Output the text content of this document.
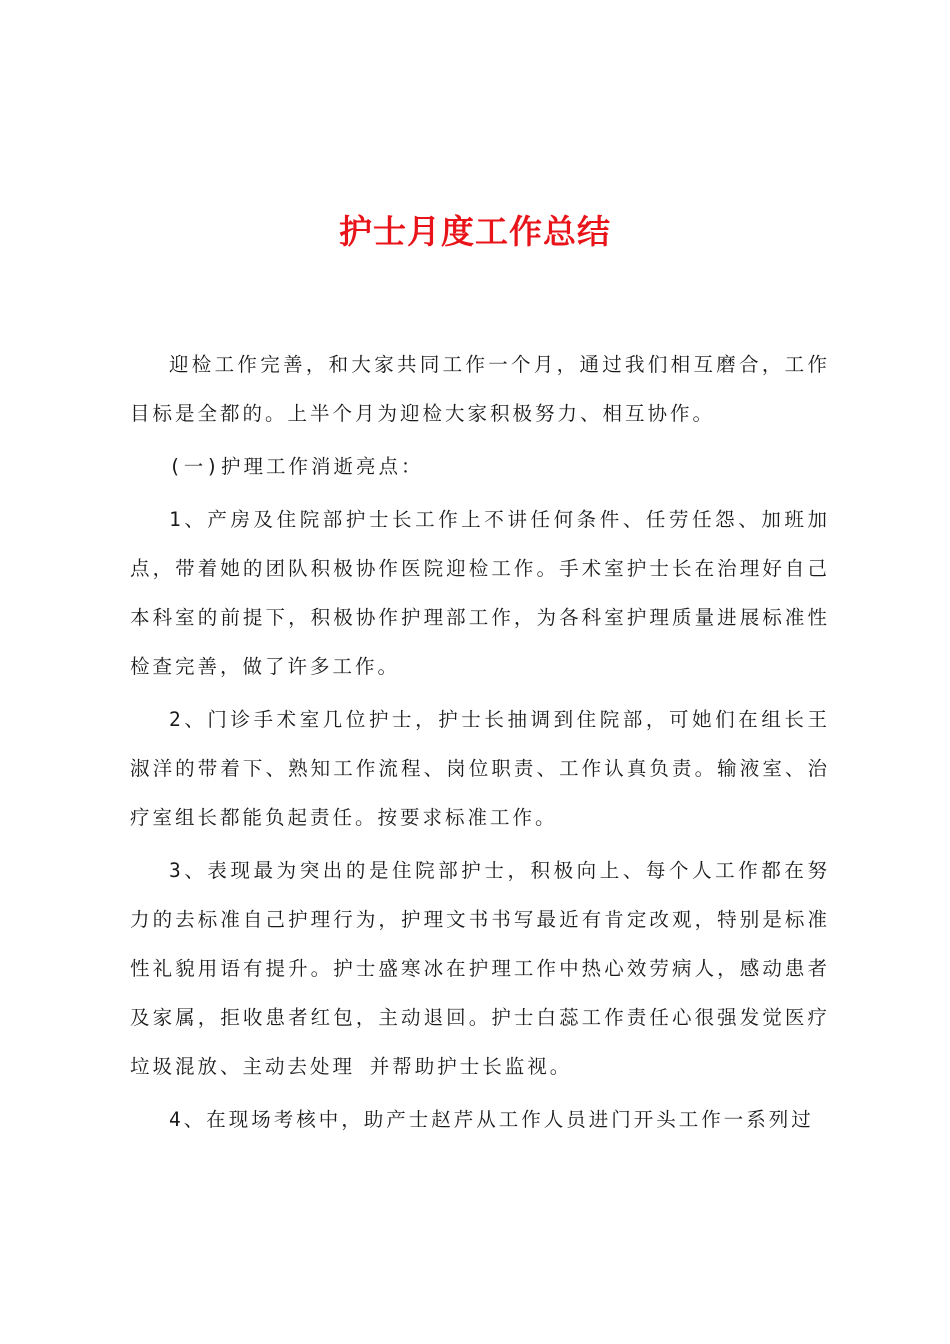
护士月度工作总结

迎检工作完善，和大家共同工作一个月，通过我们相互磨合，工作目标是全都的。上半个月为迎检大家积极努力、相互协作。

(一)护理工作消逝亮点：

1、产房及住院部护士长工作上不讲任何条件、任劳任怨、加班加点，带着她的团队积极协作医院迎检工作。手术室护士长在治理好自己本科室的前提下，积极协作护理部工作，为各科室护理质量进展标准性检查完善，做了许多工作。

2、门诊手术室几位护士，护士长抽调到住院部，可她们在组长王淑洋的带着下、熟知工作流程、岗位职责、工作认真负责。输液室、治疗室组长都能负起责任。按要求标准工作。

3、表现最为突出的是住院部护士，积极向上、每个人工作都在努力的去标准自己护理行为，护理文书书写最近有肯定改观，特别是标准性礼貌用语有提升。护士盛寒冰在护理工作中热心效劳病人，感动患者及家属，拒收患者红包，主动退回。护士白蕊工作责任心很强发觉医疗垃圾混放、主动去处理 并帮助护士长监视。

4、在现场考核中，助产士赵芹从工作人员进门开头工作一系列过
